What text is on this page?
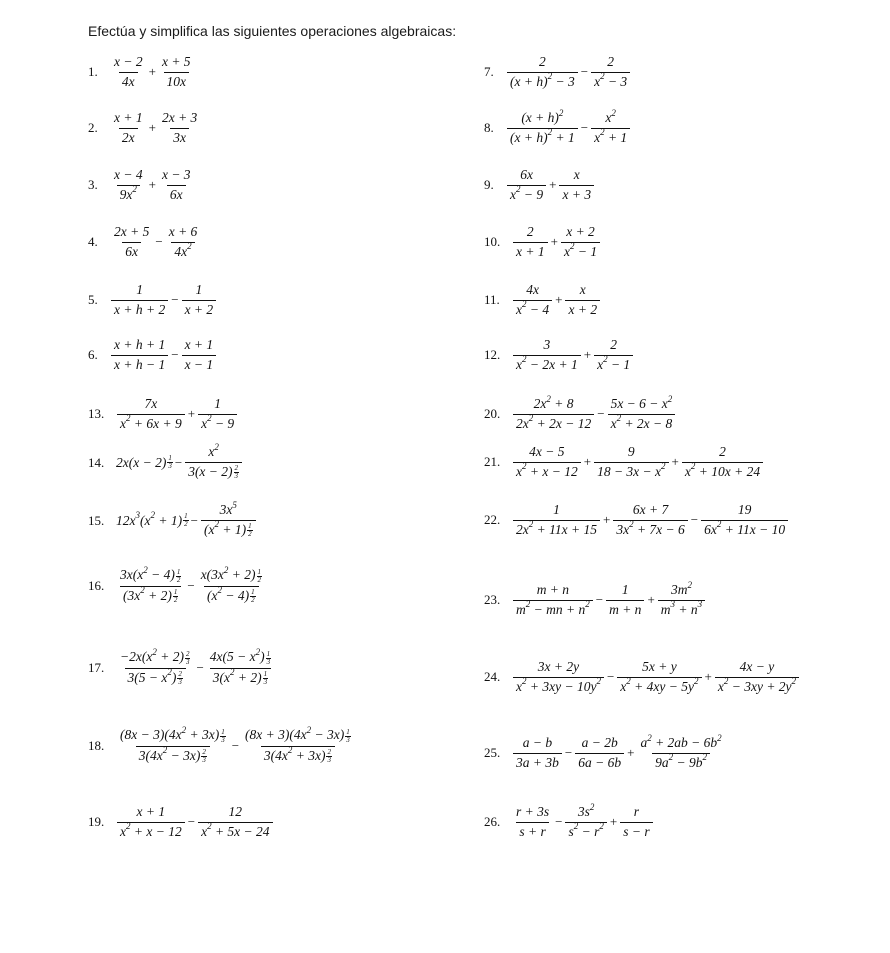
Efectúa y simplifica las siguientes operaciones algebraicas:
1.
x − 2
4x
+ $\frac{x + 5}{10x}$
2.
x + 1
2x
+ $\frac{2x + 3}{3x}$
3.
x − 4
$9x^2 + \frac{x - 3}{6x}$
4.
2x + 5
6x
− $\frac{x + 6}{4x^2}$
5.
1
x + h + 2
− $\frac{1}{x + 2}$
6.
x + h + 1
x + h − 1
− $\frac{x + 1}{x - 1}$
13.
7x
$x^2 + 6x + 9$
+ $\frac{1}{x^2 - 9}$
14. 2x(x − 2) 1
$3 - \frac{x^2}{3(x - 2) \frac{2}{3}}$
15. $12x^3(x^2 + 1)$ 1
$2 - \frac{3x^5}{(x^2 + 1) \frac{1}{2}}$
16.
$3x(x^2 - 4) \frac{1}{2}$
$(3x^2 + 2) \frac{1}{2}$
− $\frac{x(3x^2 + 2) \frac{1}{2}}{(x^2 - 4) \frac{1}{2}}$
17.
$-2x(x^2 + 2) \frac{2}{3}$
$3(5 - x^2) \frac{2}{3}$
− $\frac{4x(5 - x^2) \frac{1}{3}}{3(x^2 + 2) \frac{1}{3}}$
18.
$(8x - 3)(4x^2 + 3x) \frac{1}{3}$
$3(4x^2 - 3x) \frac{2}{3}$
− $\frac{(8x + 3)(4x^2 - 3x) \frac{1}{3}}{3(4x^2 + 3x) \frac{2}{3}}$
19.
x + 1
$x^2 + x - 12$
− $\frac{12}{x^2 + 5x - 24}$
7.
2
$(x + h)^2 - 3$
− $\frac{2}{x^2 - 3}$
8.
$(x + h)^2$
$(x + h)^2 + 1$
− $\frac{x^2}{x^2 + 1}$
9.
6x
$x^2 - 9$
+ $\frac{x}{x + 3}$
10.
2
x + 1
+ $\frac{x + 2}{x^2 - 1}$
11.
4x
$x^2 - 4$
+ $\frac{x}{x + 2}$
12.
3
$x^2 - 2x + 1$
+ $\frac{2}{x^2 - 1}$
20.
$2x^2 + 8$
$2x^2 + 2x - 12$
− $\frac{5x - 6 - x^2}{x^2 + 2x - 8}$
21.
4x − 5
$x^2 + x - 12$
+ $\frac{9}{18 - 3x - x^2} + \frac{2}{x^2 + 10x + 24}$
22.
1
$2x^2 + 11x + 15$
+ $\frac{6x + 7}{3x^2 + 7x - 6} - \frac{19}{6x^2 + 11x - 10}$
23.
m + n
$m^2$ − mn + $n^2 - \frac{1}{m + n} + \frac{3m^2}{m^3 + n^3}$
24.
3x + 2y
$x^2 + 3xy - 10y^2 - \frac{5x + y}{x^2 + 4xy - 5y^2} + \frac{4x - y}{x^2 - 3xy + 2y^2}$
25.
a − b
3a + 3b
− $\frac{a - 2b}{6a - 6b} + \frac{a^2 + 2ab - 6b^2}{9a^2 - 9b^2}$
26.
r + 3s
s + r
− $\frac{3s^2}{s^2 - r^2} + \frac{r}{s - r}$
